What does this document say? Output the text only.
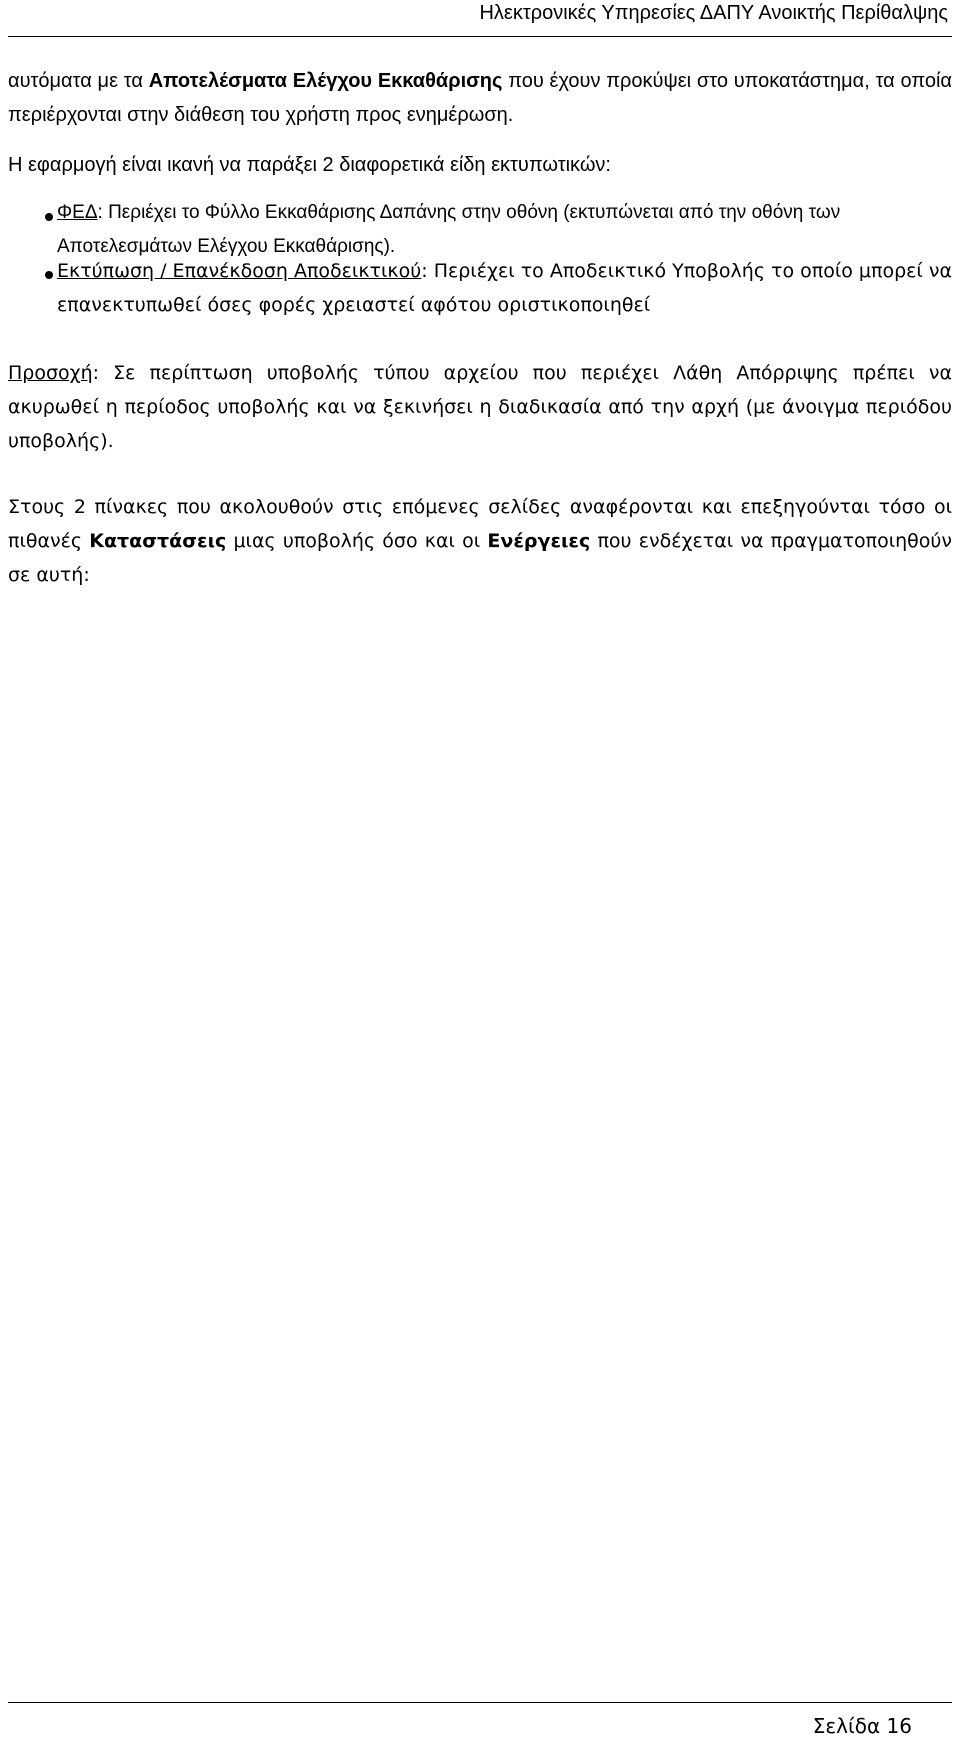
Ηλεκτρονικές Υπηρεσίες ΔΑΠΥ Ανοικτής Περίθαλψης

αυτόματα με τα Αποτελέσματα Ελέγχου Εκκαθάρισης που έχουν προκύψει στο υποκατάστημα, τα οποία περιέρχονται στην διάθεση του χρήστη προς ενημέρωση.

Η εφαρμογή είναι ικανή να παράξει 2 διαφορετικά είδη εκτυπωτικών:

ΦΕΔ: Περιέχει το Φύλλο Εκκαθάρισης Δαπάνης στην οθόνη (εκτυπώνεται από την οθόνη των Αποτελεσμάτων Ελέγχου Εκκαθάρισης).

Εκτύπωση / Επανέκδοση Αποδεικτικού: Περιέχει το Αποδεικτικό Υποβολής το οποίο μπορεί να επανεκτυπωθεί όσες φορές χρειαστεί αφότου οριστικοποιηθεί

Προσοχή: Σε περίπτωση υποβολής τύπου αρχείου που περιέχει Λάθη Απόρριψης πρέπει να ακυρωθεί η περίοδος υποβολής και να ξεκινήσει η διαδικασία από την αρχή (με άνοιγμα περιόδου υποβολής).

Στους 2 πίνακες που ακολουθούν στις επόμενες σελίδες αναφέρονται και επεξηγούνται τόσο οι πιθανές Καταστάσεις μιας υποβολής όσο και οι Ενέργειες που ενδέχεται να πραγματοποιηθούν σε αυτή:

Σελίδα 16
